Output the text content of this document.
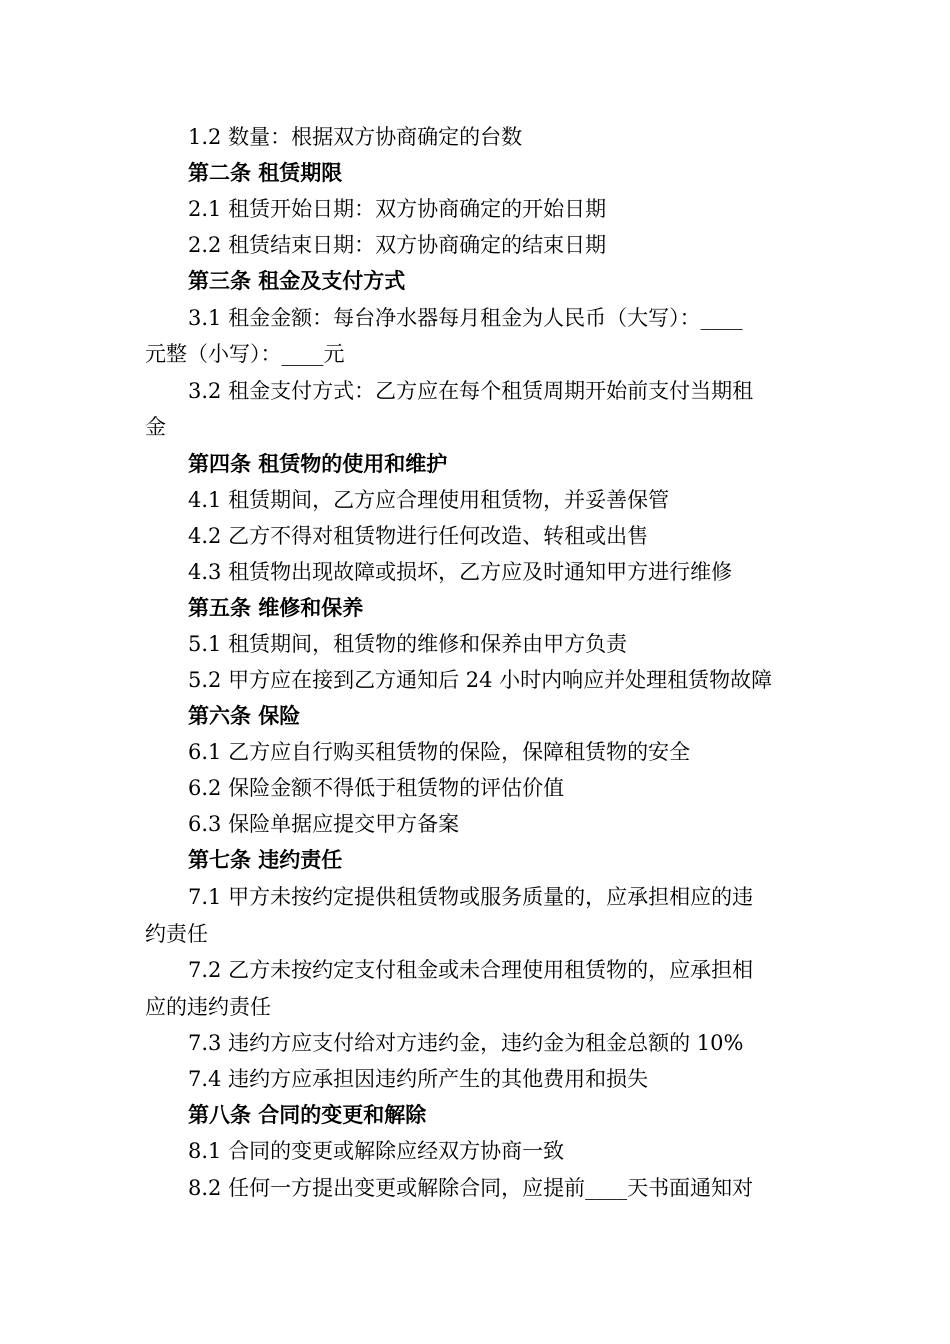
1.2 数量：根据双方协商确定的台数
第二条 租赁期限
2.1 租赁开始日期：双方协商确定的开始日期
2.2 租赁结束日期：双方协商确定的结束日期
第三条 租金及支付方式
3.1 租金金额：每台净水器每月租金为人民币（大写）：____
元整（小写）：____元
3.2 租金支付方式：乙方应在每个租赁周期开始前支付当期租
金
第四条 租赁物的使用和维护
4.1 租赁期间，乙方应合理使用租赁物，并妥善保管
4.2 乙方不得对租赁物进行任何改造、转租或出售
4.3 租赁物出现故障或损坏，乙方应及时通知甲方进行维修
第五条 维修和保养
5.1 租赁期间，租赁物的维修和保养由甲方负责
5.2 甲方应在接到乙方通知后 24 小时内响应并处理租赁物故障
第六条 保险
6.1 乙方应自行购买租赁物的保险，保障租赁物的安全
6.2 保险金额不得低于租赁物的评估价值
6.3 保险单据应提交甲方备案
第七条 违约责任
7.1 甲方未按约定提供租赁物或服务质量的，应承担相应的违
约责任
7.2 乙方未按约定支付租金或未合理使用租赁物的，应承担相
应的违约责任
7.3 违约方应支付给对方违约金，违约金为租金总额的 10%
7.4 违约方应承担因违约所产生的其他费用和损失
第八条 合同的变更和解除
8.1 合同的变更或解除应经双方协商一致
8.2 任何一方提出变更或解除合同，应提前____天书面通知对
